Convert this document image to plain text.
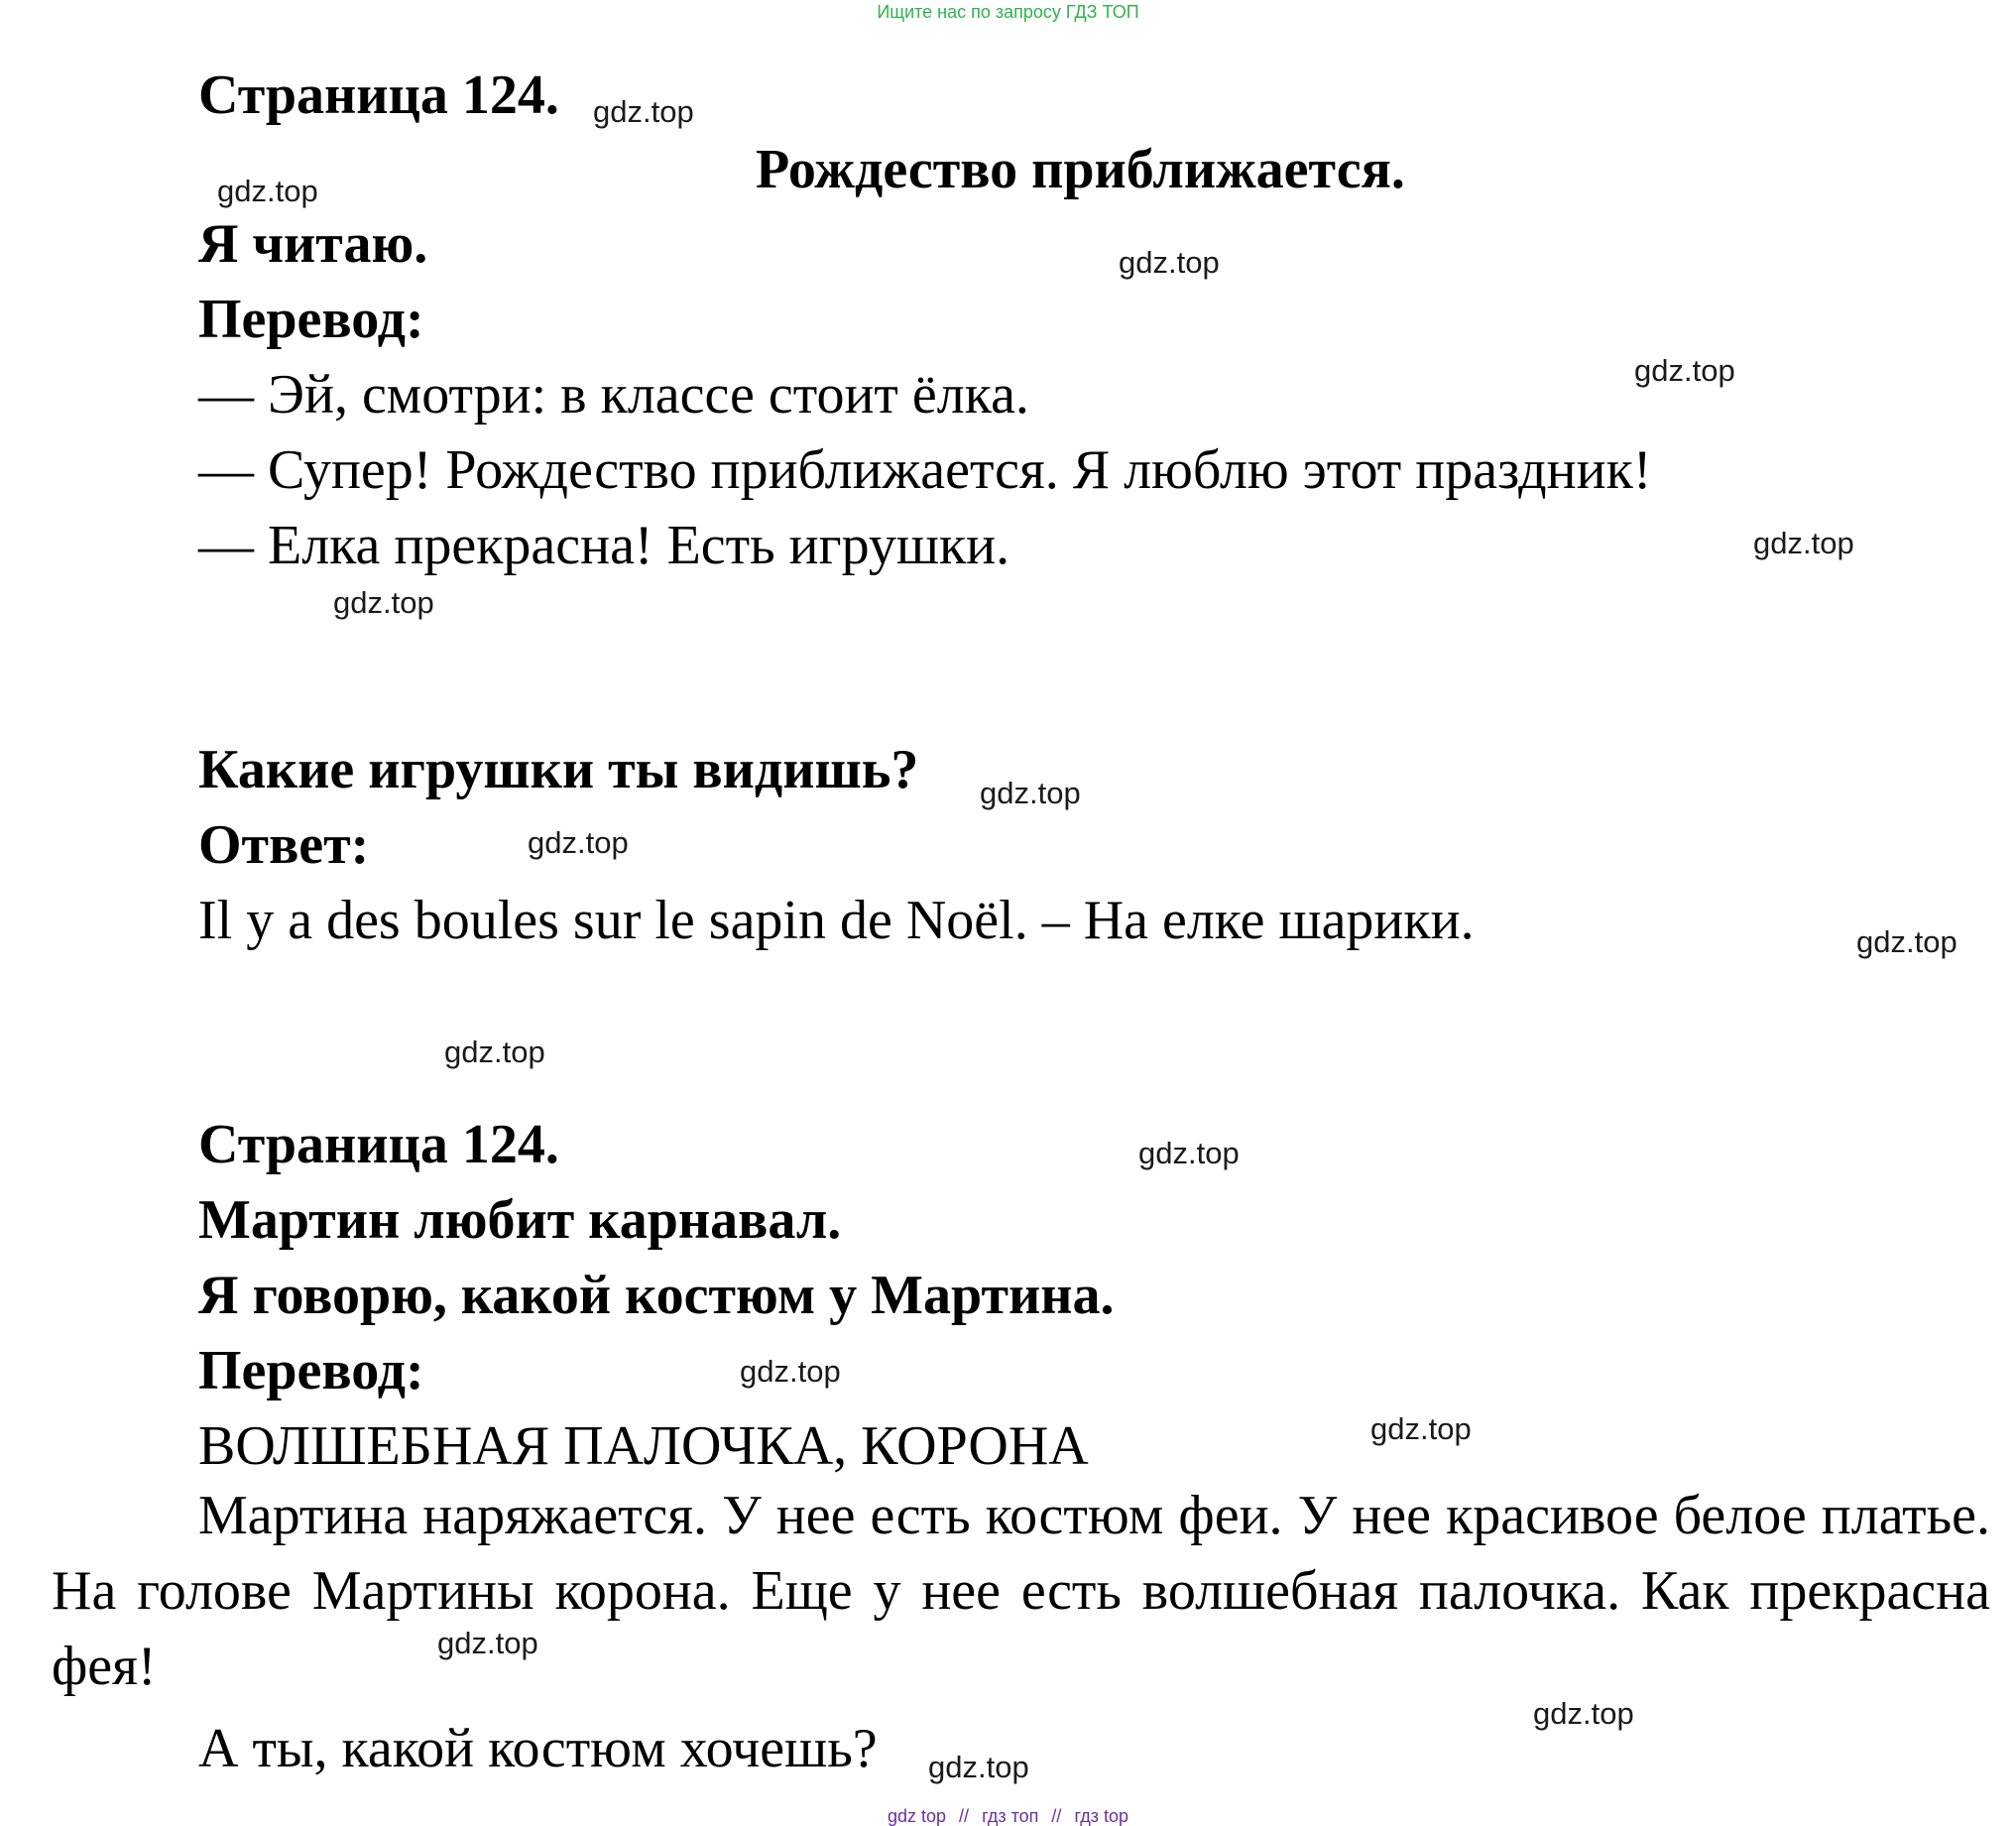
Ищите нас по запросу ГДЗ ТОП
Страница 124.
Рождество приближается.
Я читаю.
Перевод:
— Эй, смотри: в классе стоит ёлка.
— Супер! Рождество приближается. Я люблю этот праздник!
— Елка прекрасна! Есть игрушки.
Какие игрушки ты видишь?
Ответ:
Il y a des boules sur le sapin de Noël. – На елке шарики.
Страница 124.
Мартин любит карнавал.
Я говорю, какой костюм у Мартина.
Перевод:
ВОЛШЕБНАЯ ПАЛОЧКА, КОРОНА
Мартина наряжается. У нее есть костюм феи. У нее красивое белое платье. На голове Мартины корона. Еще у нее есть волшебная палочка. Как прекрасна фея!
А ты, какой костюм хочешь?
gdz.top
gdz.top
gdz.top
gdz.top
gdz.top
gdz.top
gdz.top
gdz.top
gdz.top
gdz.top
gdz.top
gdz.top
gdz.top
gdz.top
gdz.top
gdz.top
gdz top // гдз топ // гдз top
